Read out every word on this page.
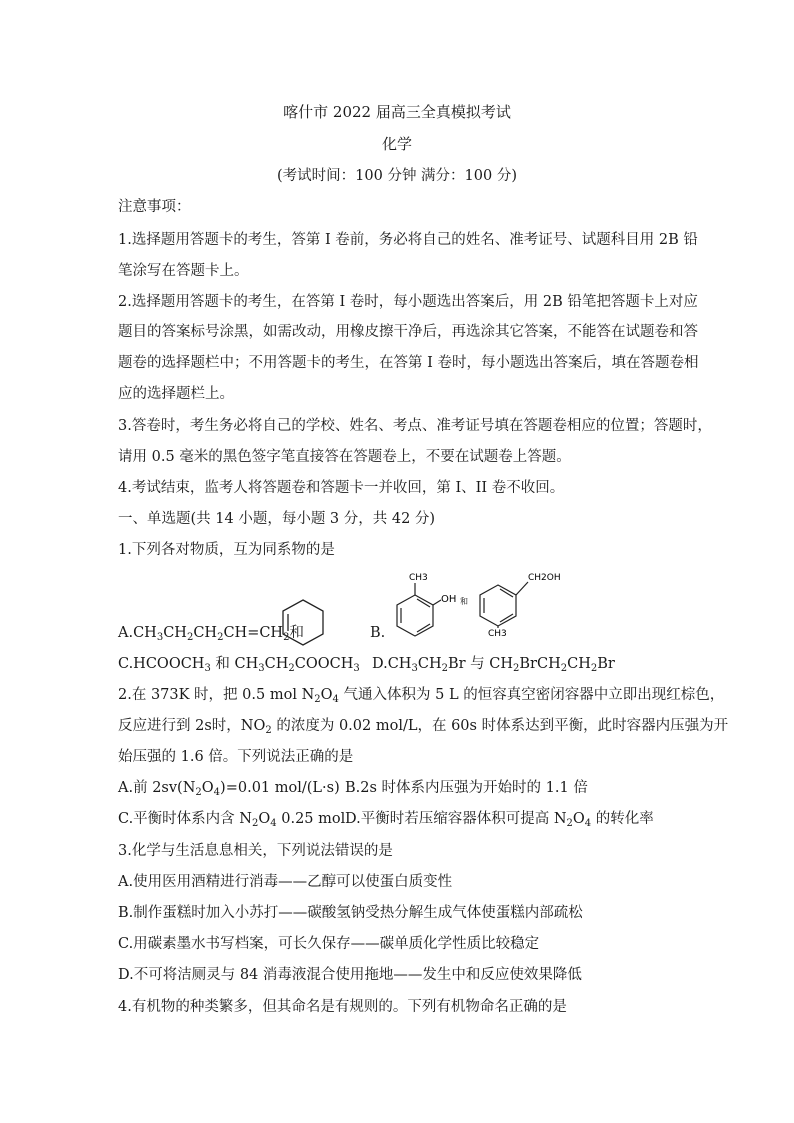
喀什市 2022 届高三全真模拟考试
化学
(考试时间：100 分钟 满分：100 分)
注意事项：
1.选择题用答题卡的考生，答第 I 卷前，务必将自己的姓名、准考证号、试题科目用 2B 铅
笔涂写在答题卡上。
2.选择题用答题卡的考生，在答第 I 卷时，每小题选出答案后，用 2B 铅笔把答题卡上对应
题目的答案标号涂黑，如需改动，用橡皮擦干净后，再选涂其它答案，不能答在试题卷和答
题卷的选择题栏中；不用答题卡的考生，在答第 I 卷时，每小题选出答案后，填在答题卷相
应的选择题栏上。
3.答卷时，考生务必将自己的学校、姓名、考点、准考证号填在答题卷相应的位置；答题时，
请用 0.5 毫米的黑色签字笔直接答在答题卷上，不要在试题卷上答题。
4.考试结束，监考人将答题卷和答题卡一并收回，第 I、II 卷不收回。
一、单选题(共 14 小题，每小题 3 分，共 42 分)
1.下列各对物质，互为同系物的是
$A.CH_3CH_2CH_2CH=CH_2$和	B.
CH3
OH 和
CH2OH
CH3
$C.HCOOCH_3$ 和 $CH_3CH_2COOCH_3$ $D.CH_3CH_2Br$ 与 $CH_2BrCH_2CH_2Br$
2.在 373K 时，把 0.5 mol $N_2O_4$ 气通入体积为 5 L 的恒容真空密闭容器中立即出现红棕色，
反应进行到 2s时，$NO_2$ 的浓度为 0.02 mol/L，在 60s 时体系达到平衡，此时容器内压强为开
始压强的 1.6 倍。下列说法正确的是
A.前 $2sv(N_2O_4)=0.01$ mol/(L·s) B.2s 时体系内压强为开始时的 1.1 倍
C.平衡时体系内含 $N_2O_4$ 0.25 mol D.平衡时若压缩容器体积可提高 $N_2O_4$ 的转化率
3.化学与生活息息相关，下列说法错误的是
A.使用医用酒精进行消毒——乙醇可以使蛋白质变性
B.制作蛋糕时加入小苏打——碳酸氢钠受热分解生成气体使蛋糕内部疏松
C.用碳素墨水书写档案，可长久保存——碳单质化学性质比较稳定
D.不可将洁厕灵与 84 消毒液混合使用拖地——发生中和反应使效果降低
4.有机物的种类繁多，但其命名是有规则的。下列有机物命名正确的是
